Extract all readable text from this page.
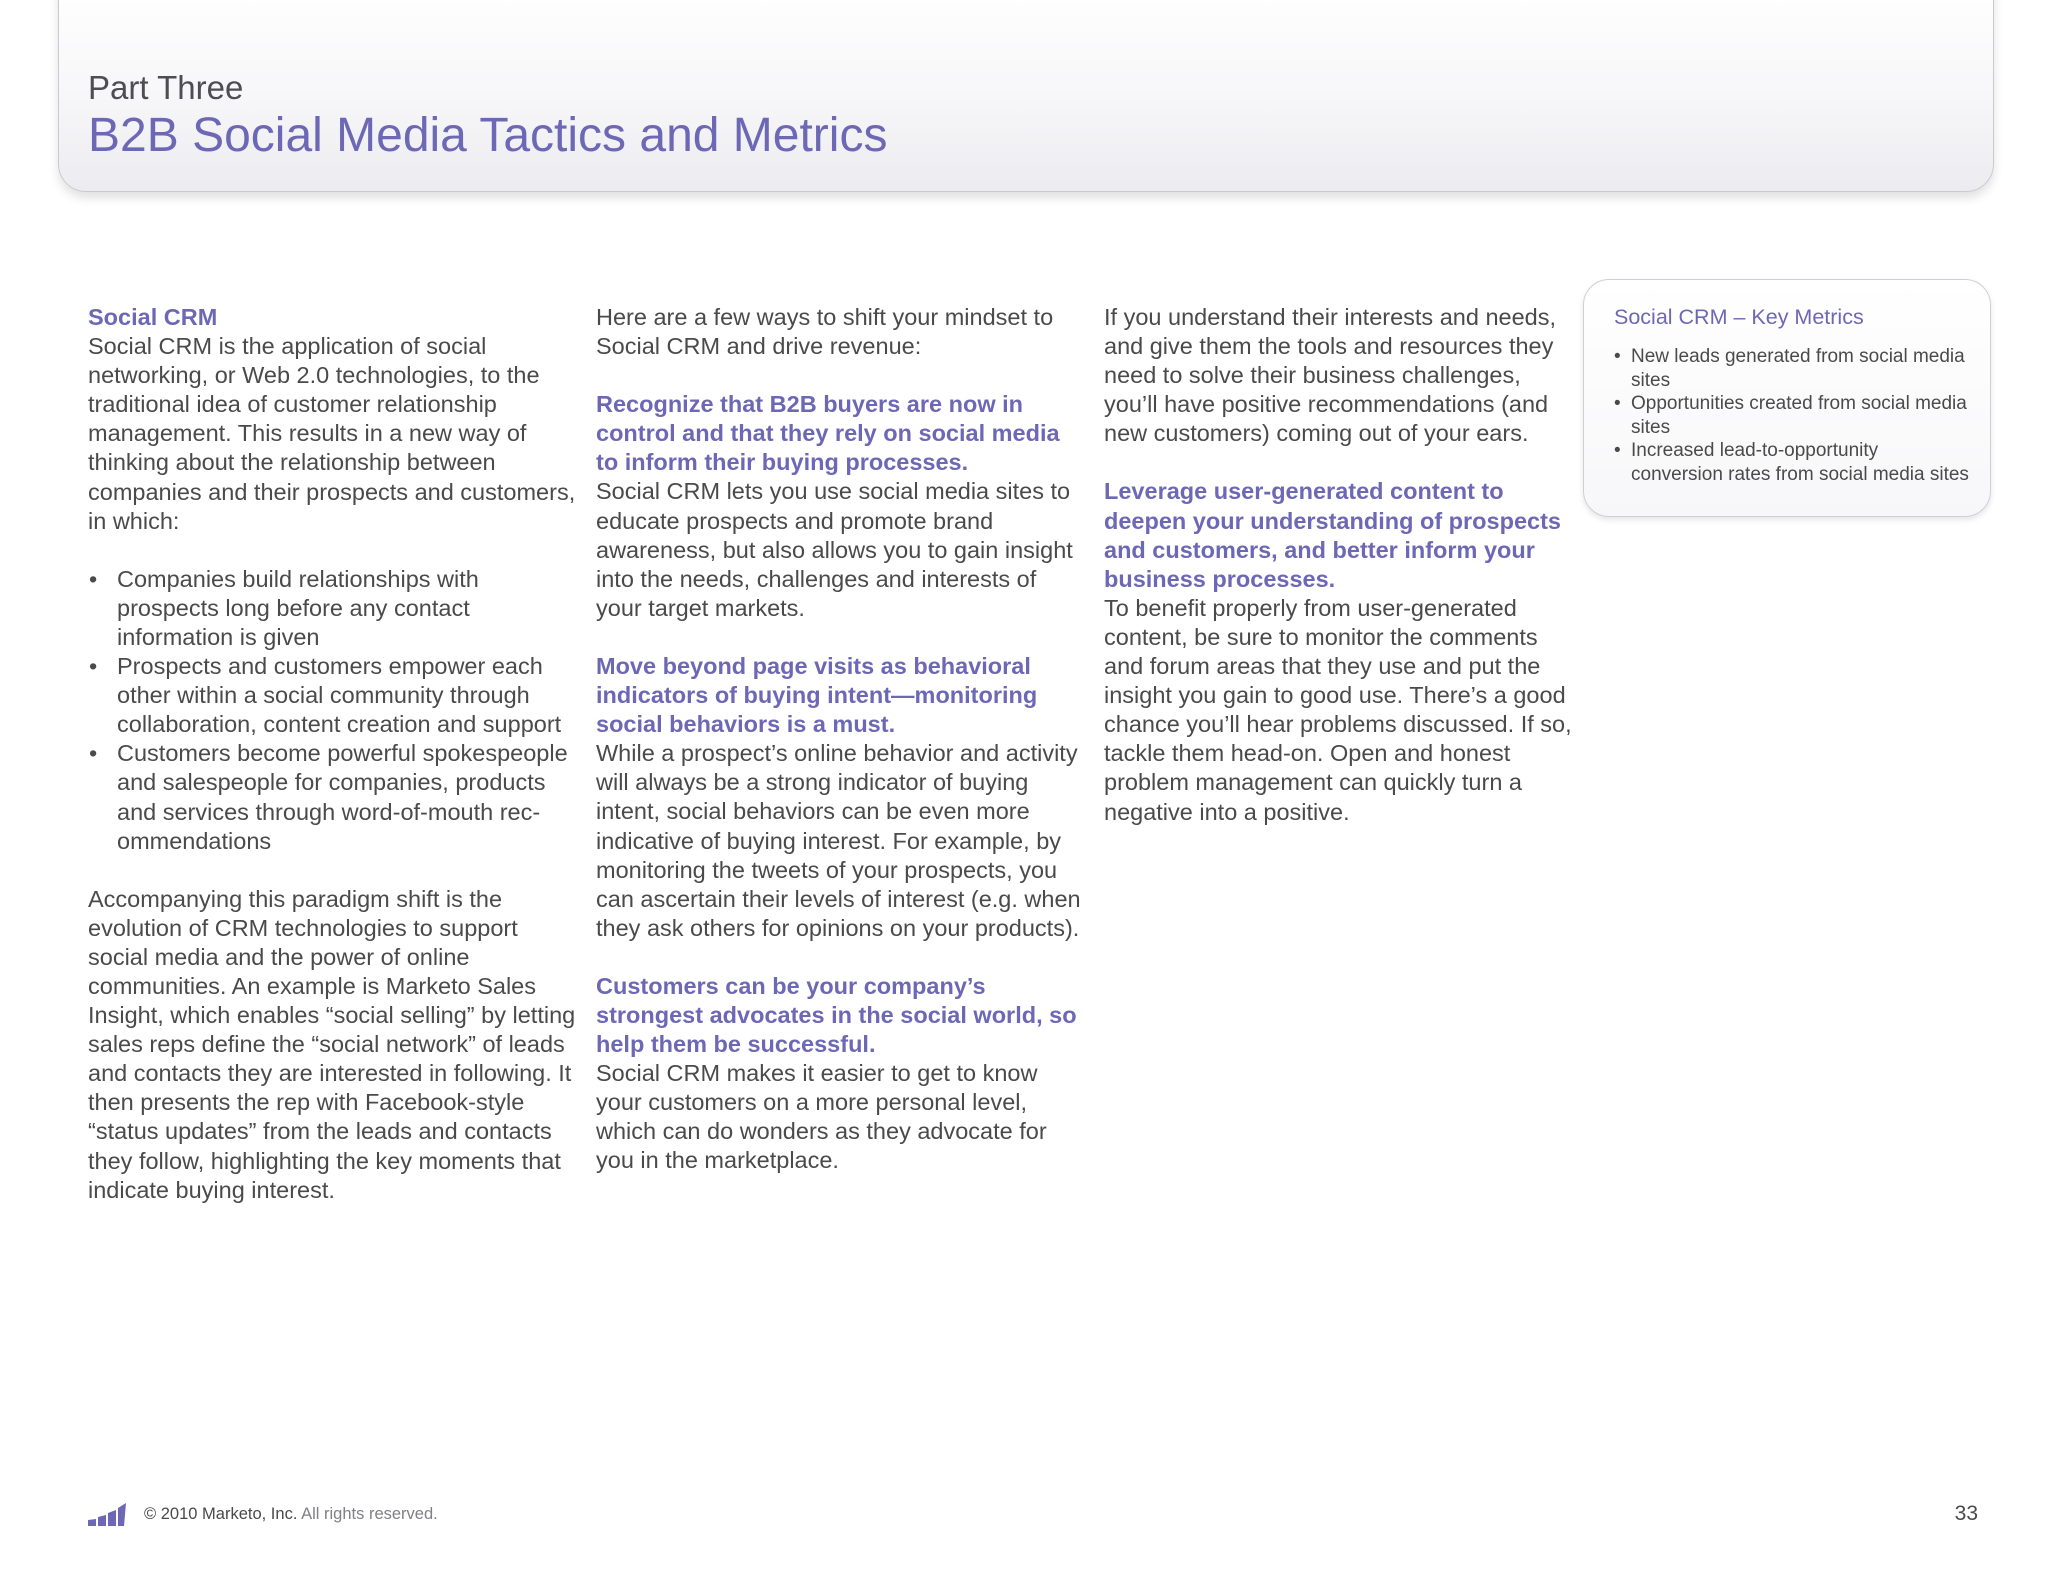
Part Three
B2B Social Media Tactics and Metrics

Social CRM
Social CRM is the application of social networking, or Web 2.0 technologies, to the traditional idea of customer relationship management. This results in a new way of thinking about the relationship between companies and their prospects and customers, in which:

• Companies build relationships with prospects long before any contact information is given
• Prospects and customers empower each other within a social community through collaboration, content creation and support
• Customers become powerful spokespeople and salespeople for companies, products and services through word-of-mouth rec-ommendations

Accompanying this paradigm shift is the evolution of CRM technologies to support social media and the power of online communities. An example is Marketo Sales Insight, which enables “social selling” by letting sales reps define the “social network” of leads and contacts they are interested in following. It then presents the rep with Facebook-style “status updates” from the leads and contacts they follow, highlighting the key moments that indicate buying interest.

Here are a few ways to shift your mindset to Social CRM and drive revenue:

Recognize that B2B buyers are now in control and that they rely on social media to inform their buying processes.
Social CRM lets you use social media sites to educate prospects and promote brand awareness, but also allows you to gain insight into the needs, challenges and interests of your target markets.

Move beyond page visits as behavioral indicators of buying intent—monitoring social behaviors is a must.
While a prospect’s online behavior and activity will always be a strong indicator of buying intent, social behaviors can be even more indicative of buying interest. For example, by monitoring the tweets of your prospects, you can ascertain their levels of interest (e.g. when they ask others for opinions on your products).

Customers can be your company’s strongest advocates in the social world, so help them be successful.
Social CRM makes it easier to get to know your customers on a more personal level, which can do wonders as they advocate for you in the marketplace.

If you understand their interests and needs, and give them the tools and resources they need to solve their business challenges, you’ll have positive recommendations (and new customers) coming out of your ears.

Leverage user-generated content to deepen your understanding of prospects and customers, and better inform your business processes.
To benefit properly from user-generated content, be sure to monitor the comments and forum areas that they use and put the insight you gain to good use. There’s a good chance you’ll hear problems discussed. If so, tackle them head-on. Open and honest problem management can quickly turn a negative into a positive.

Social CRM – Key Metrics
• New leads generated from social media sites
• Opportunities created from social media sites
• Increased lead-to-opportunity conversion rates from social media sites
© 2010 Marketo, Inc. All rights reserved.	33
